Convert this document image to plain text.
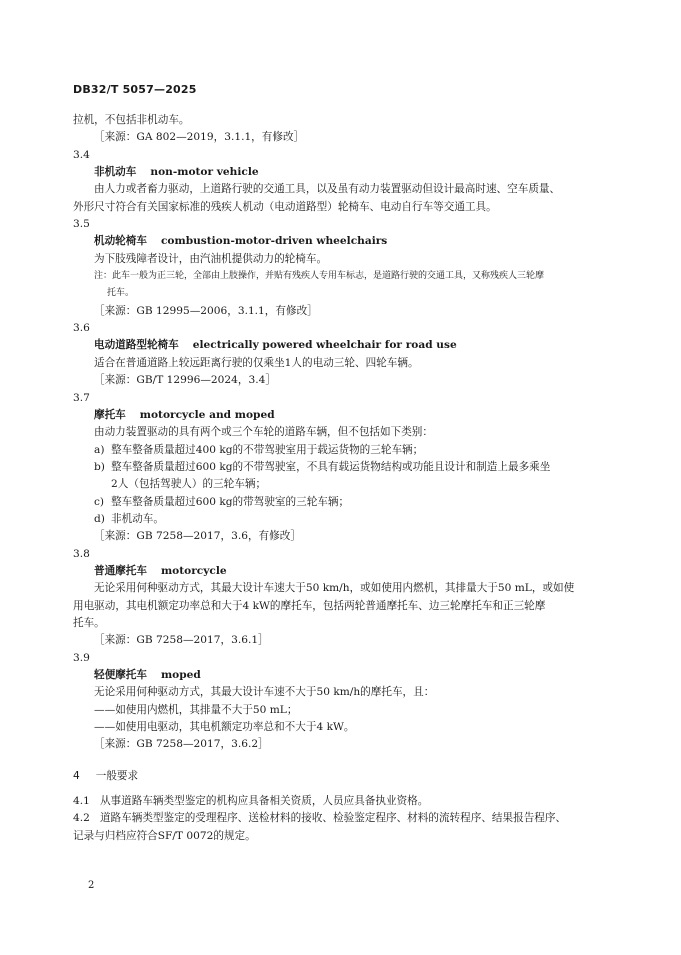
DB32/T 5057—2025
拉机，不包括非机动车。
［来源：GA 802—2019，3.1.1，有修改］
3.4
非机动车 non-motor vehicle
由人力或者畜力驱动，上道路行驶的交通工具，以及虽有动力装置驱动但设计最高时速、空车质量、
外形尺寸符合有关国家标准的残疾人机动（电动道路型）轮椅车、电动自行车等交通工具。
3.5
机动轮椅车 combustion-motor-driven wheelchairs
为下肢残障者设计，由汽油机提供动力的轮椅车。
注：此车一般为正三轮，全部由上肢操作，并贴有残疾人专用车标志，是道路行驶的交通工具，又称残疾人三轮摩
托车。
［来源：GB 12995—2006，3.1.1，有修改］
3.6
电动道路型轮椅车 electrically powered wheelchair for road use
适合在普通道路上较远距离行驶的仅乘坐1人的电动三轮、四轮车辆。
［来源：GB/T 12996—2024，3.4］
3.7
摩托车 motorcycle and moped
由动力装置驱动的具有两个或三个车轮的道路车辆，但不包括如下类别：
a) 整车整备质量超过400 kg的不带驾驶室用于载运货物的三轮车辆；
b) 整车整备质量超过600 kg的不带驾驶室，不具有载运货物结构或功能且设计和制造上最多乘坐
2人（包括驾驶人）的三轮车辆；
c) 整车整备质量超过600 kg的带驾驶室的三轮车辆；
d) 非机动车。
［来源：GB 7258—2017，3.6，有修改］
3.8
普通摩托车 motorcycle
无论采用何种驱动方式，其最大设计车速大于50 km/h，或如使用内燃机，其排量大于50 mL，或如使
用电驱动，其电机额定功率总和大于4 kW的摩托车，包括两轮普通摩托车、边三轮摩托车和正三轮摩
托车。
［来源：GB 7258—2017，3.6.1］
3.9
轻便摩托车 moped
无论采用何种驱动方式，其最大设计车速不大于50 km/h的摩托车，且：
——如使用内燃机，其排量不大于50 mL；
——如使用电驱动，其电机额定功率总和不大于4 kW。
［来源：GB 7258—2017，3.6.2］
4 一般要求
4.1 从事道路车辆类型鉴定的机构应具备相关资质，人员应具备执业资格。
4.2 道路车辆类型鉴定的受理程序、送检材料的接收、检验鉴定程序、材料的流转程序、结果报告程序、
记录与归档应符合SF/T 0072的规定。
2
